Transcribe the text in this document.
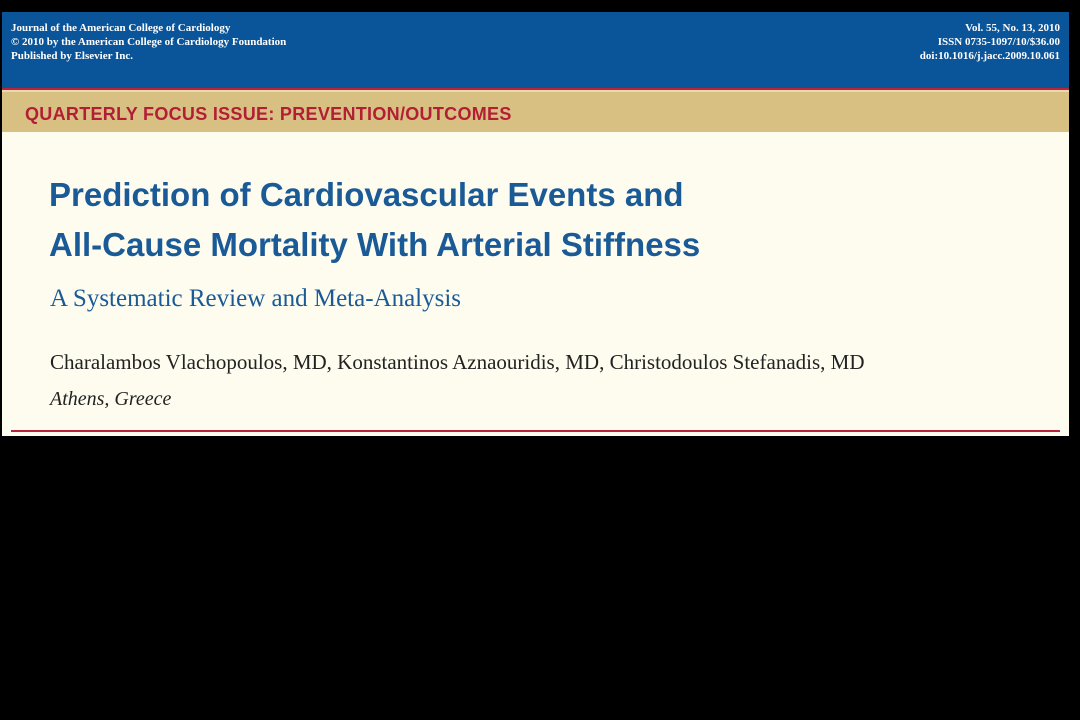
Journal of the American College of Cardiology
© 2010 by the American College of Cardiology Foundation
Published by Elsevier Inc.
Vol. 55, No. 13, 2010
ISSN 0735-1097/10/$36.00
doi:10.1016/j.jacc.2009.10.061
QUARTERLY FOCUS ISSUE: PREVENTION/OUTCOMES
Prediction of Cardiovascular Events and
All-Cause Mortality With Arterial Stiffness
A Systematic Review and Meta-Analysis
Charalambos Vlachopoulos, MD, Konstantinos Aznaouridis, MD, Christodoulos Stefanadis, MD
Athens, Greece
